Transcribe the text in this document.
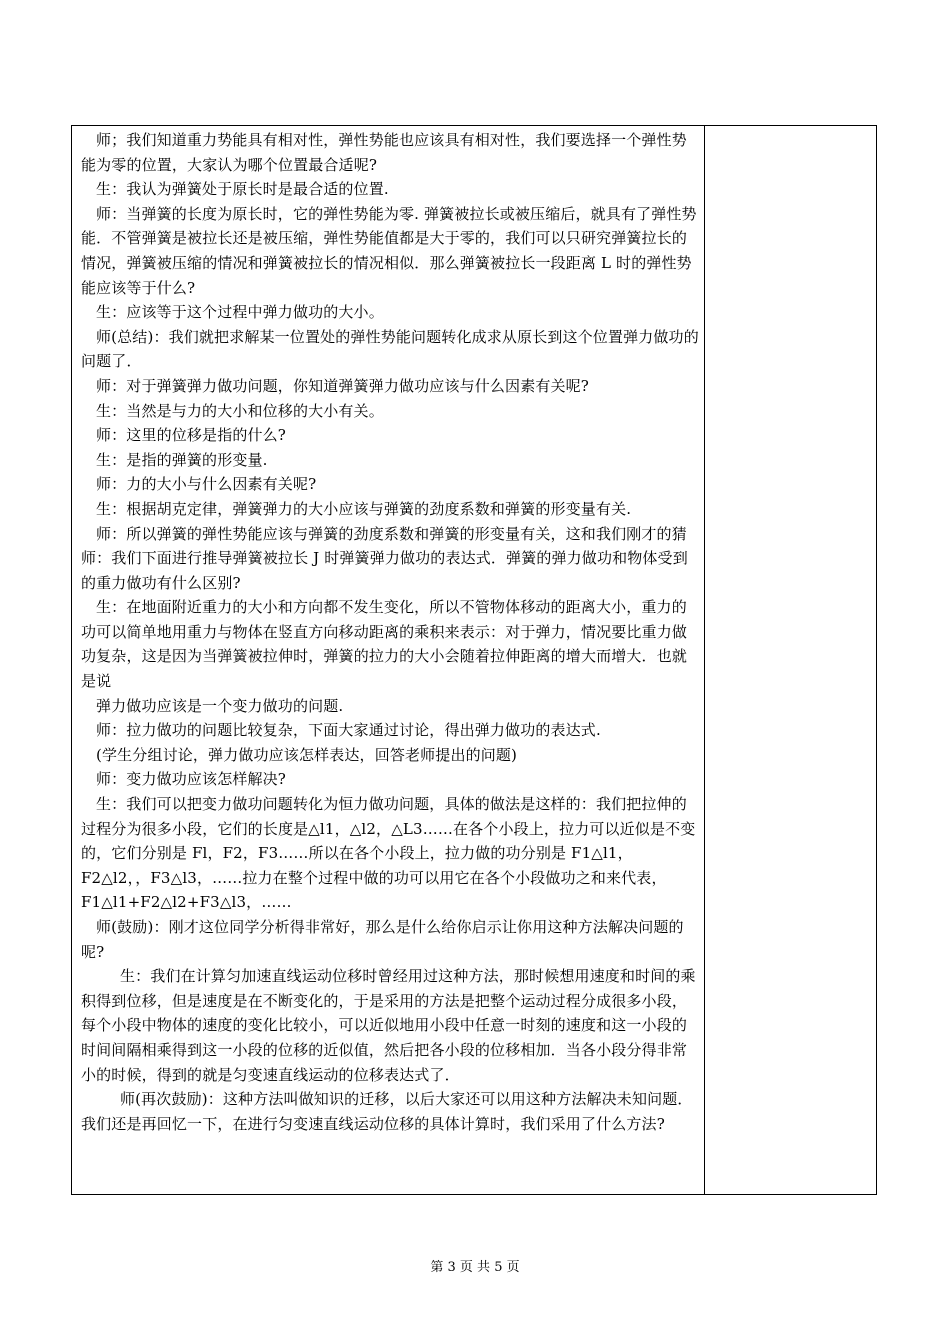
师；我们知道重力势能具有相对性，弹性势能也应该具有相对性，我们要选择一个弹性势能为零的位置，大家认为哪个位置最合适呢?

生：我认为弹簧处于原长时是最合适的位置.

师：当弹簧的长度为原长时，它的弹性势能为零. 弹簧被拉长或被压缩后，就具有了弹性势能．不管弹簧是被拉长还是被压缩，弹性势能值都是大于零的，我们可以只研究弹簧拉长的情况，弹簧被压缩的情况和弹簧被拉长的情况相似．那么弹簧被拉长一段距离 L 时的弹性势能应该等于什么?

生：应该等于这个过程中弹力做功的大小。

师(总结)：我们就把求解某一位置处的弹性势能问题转化成求从原长到这个位置弹力做功的问题了．

师：对于弹簧弹力做功问题，你知道弹簧弹力做功应该与什么因素有关呢?

生：当然是与力的大小和位移的大小有关。

师：这里的位移是指的什么?

生：是指的弹簧的形变量.

师：力的大小与什么因素有关呢?

生：根据胡克定律，弹簧弹力的大小应该与弹簧的劲度系数和弹簧的形变量有关.

师：所以弹簧的弹性势能应该与弹簧的劲度系数和弹簧的形变量有关，这和我们刚才的猜师：我们下面进行推导弹簧被拉长 J 时弹簧弹力做功的表达式．弹簧的弹力做功和物体受到的重力做功有什么区别?

生：在地面附近重力的大小和方向都不发生变化，所以不管物体移动的距离大小，重力的功可以简单地用重力与物体在竖直方向移动距离的乘积来表示：对于弹力，情况要比重力做功复杂，这是因为当弹簧被拉伸时，弹簧的拉力的大小会随着拉伸距离的增大而增大．也就是说

弹力做功应该是一个变力做功的问题.

师：拉力做功的问题比较复杂，下面大家通过讨论，得出弹力做功的表达式.

(学生分组讨论，弹力做功应该怎样表达，回答老师提出的问题)

师：变力做功应该怎样解决?

生：我们可以把变力做功问题转化为恒力做功问题，具体的做法是这样的：我们把拉伸的过程分为很多小段，它们的长度是△l1，△l2，△L3……在各个小段上，拉力可以近似是不变的，它们分别是 Fl，F2，F3……所以在各个小段上，拉力做的功分别是 F1△l1，F2△l2，，F3△l3，……拉力在整个过程中做的功可以用它在各个小段做功之和来代表，F1△l1+F2△l2+F3△l3，……

师(鼓励)：刚才这位同学分析得非常好，那么是什么给你启示让你用这种方法解决问题的呢?

生：我们在计算匀加速直线运动位移时曾经用过这种方法，那时候想用速度和时间的乘积得到位移，但是速度是在不断变化的，于是采用的方法是把整个运动过程分成很多小段，每个小段中物体的速度的变化比较小，可以近似地用小段中任意一时刻的速度和这一小段的时间间隔相乘得到这一小段的位移的近似值，然后把各小段的位移相加．当各小段分得非常小的时候，得到的就是匀变速直线运动的位移表达式了．

师(再次鼓励)：这种方法叫做知识的迁移，以后大家还可以用这种方法解决未知问题．我们还是再回忆一下，在进行匀变速直线运动位移的具体计算时，我们采用了什么方法?

第 3 页 共 5 页
